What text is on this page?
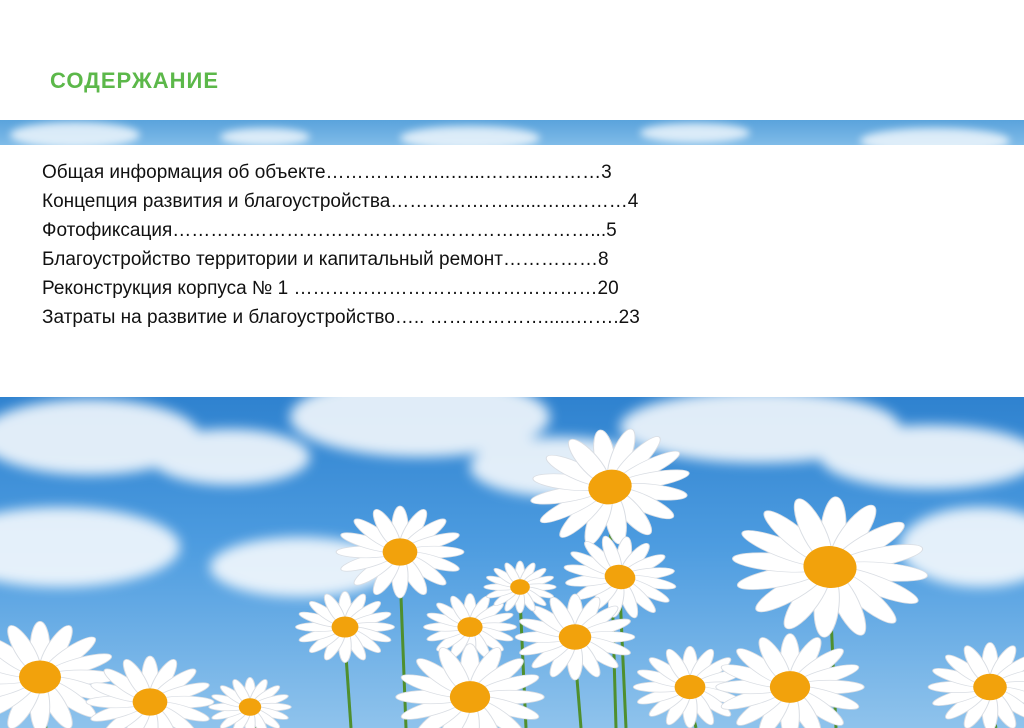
СОДЕРЖАНИЕ
Общая информация об объекте………………..…...……....………3
Концепция развития и благоустройства………….……......…..………4
Фотофиксация…………………………………………………………...5
Благоустройство территории и капитальный ремонт……………8
Реконструкция корпуса № 1 …………………………………………20
Затраты на развитие и благоустройство….. ………………......…….23
